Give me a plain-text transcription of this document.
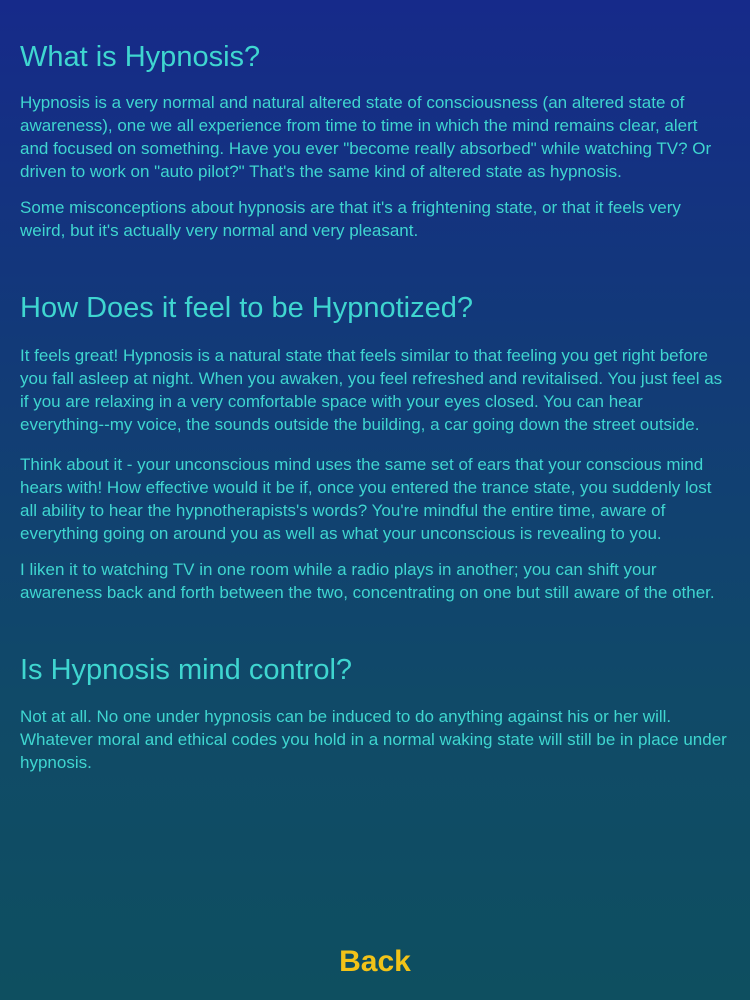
What is Hypnosis?

Hypnosis is a very normal and natural altered state of consciousness (an altered state of awareness), one we all experience from time to time in which the mind remains clear, alert and focused on something. Have you ever "become really absorbed" while watching TV? Or driven to work on "auto pilot?" That's the same kind of altered state as hypnosis.

Some misconceptions about hypnosis are that it's a frightening state, or that it feels very weird, but it's actually very normal and very pleasant.

How Does it feel to be Hypnotized?

It feels great! Hypnosis is a natural state that feels similar to that feeling you get right before you fall asleep at night. When you awaken, you feel refreshed and revitalised. You just feel as if you are relaxing in a very comfortable space with your eyes closed. You can hear everything--my voice, the sounds outside the building, a car going down the street outside.

Think about it - your unconscious mind uses the same set of ears that your conscious mind hears with! How effective would it be if, once you entered the trance state, you suddenly lost all ability to hear the hypnotherapists's words? You're mindful the entire time, aware of everything going on around you as well as what your unconscious is revealing to you.

I liken it to watching TV in one room while a radio plays in another; you can shift your awareness back and forth between the two, concentrating on one but still aware of the other.

Is Hypnosis mind control?

Not at all. No one under hypnosis can be induced to do anything against his or her will. Whatever moral and ethical codes you hold in a normal waking state will still be in place under hypnosis.

Back
